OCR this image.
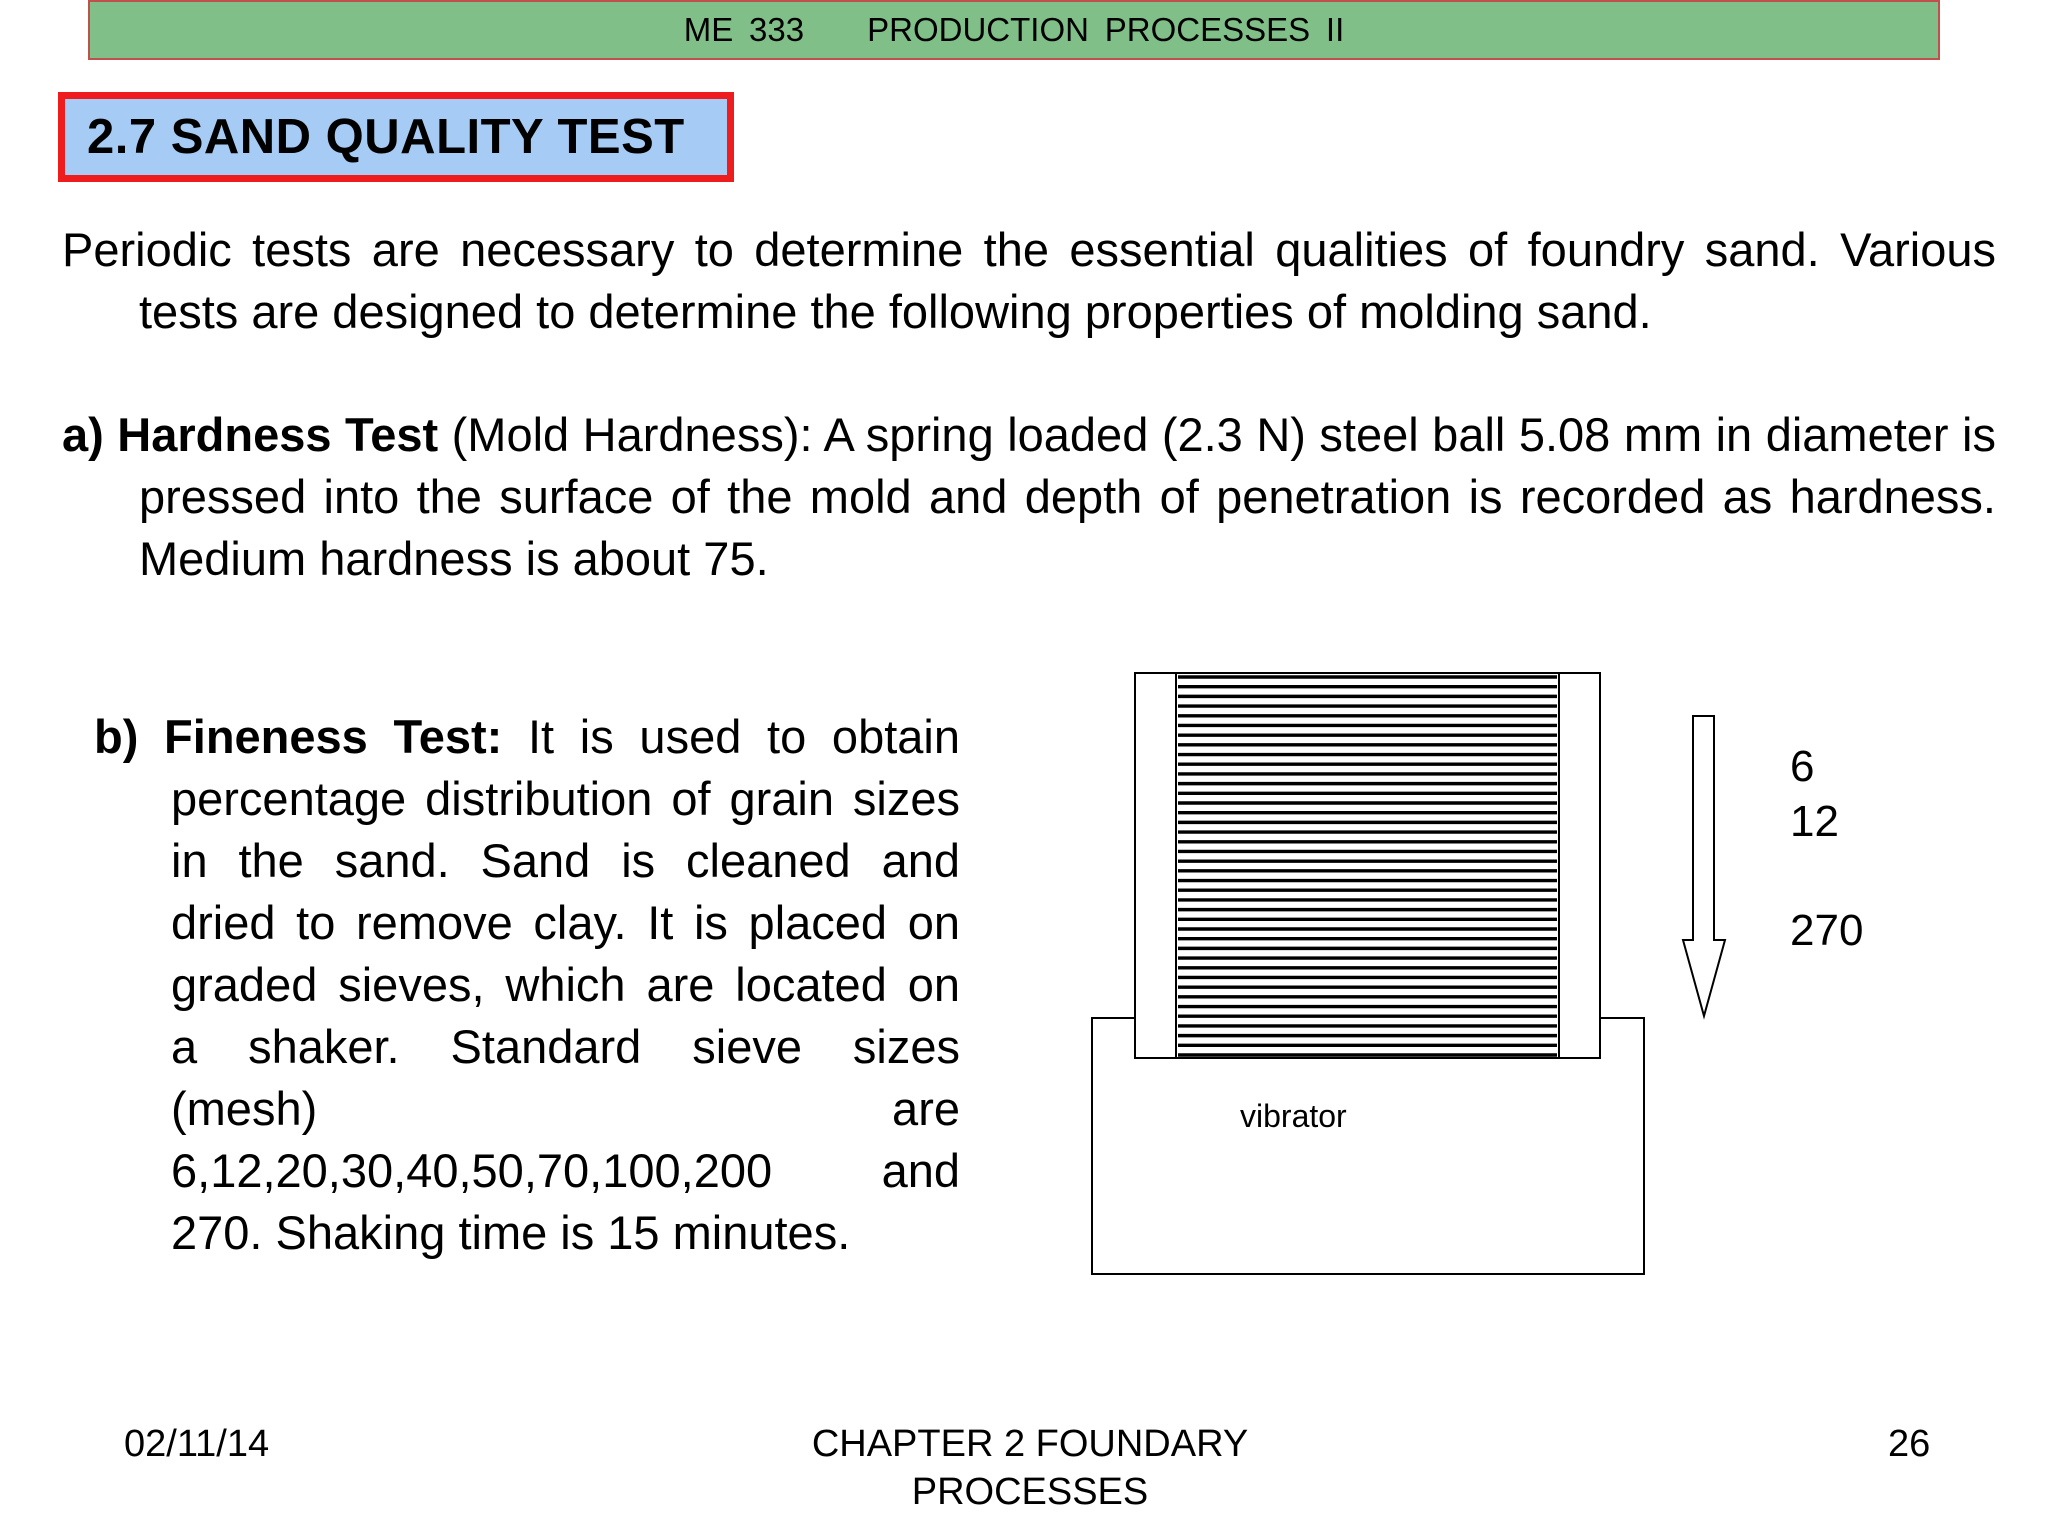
ME 333    PRODUCTION PROCESSES II
2.7 SAND QUALITY TEST
Periodic tests are necessary to determine the essential qualities of foundry sand. Various tests are designed to determine the following properties of molding sand.
a) Hardness Test (Mold Hardness): A spring loaded (2.3 N) steel ball 5.08 mm in diameter is pressed into the surface of the mold and depth of penetration is recorded as hardness. Medium hardness is about 75.
b) Fineness Test: It is used to obtain percentage distribution of grain sizes in the sand. Sand is cleaned and dried to remove clay. It is placed on graded sieves, which are located on a shaker. Standard sieve sizes (mesh) are 6,12,20,30,40,50,70,100,200 and 270. Shaking time is 15 minutes.
vibrator
6
12
270
02/11/14	CHAPTER 2 FOUNDARY PROCESSES
26
